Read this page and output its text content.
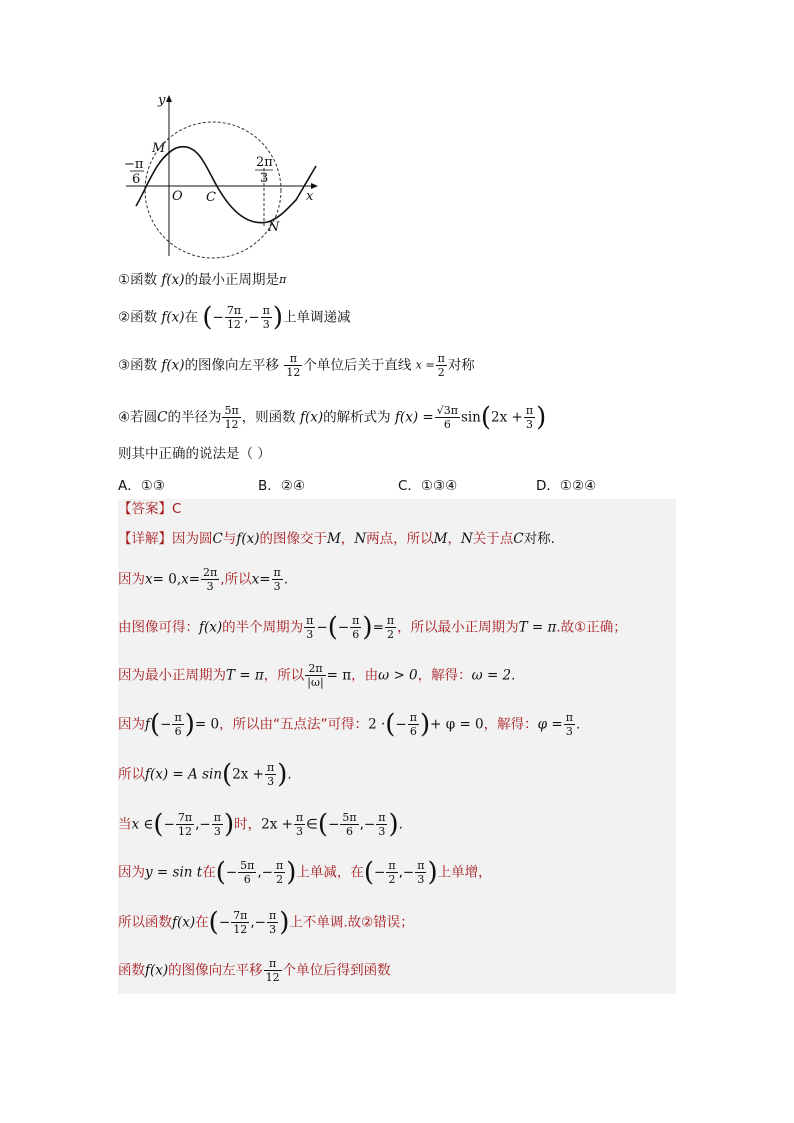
y
x
M
O C
N
−π
6
2π
3
①函数 f(x)的最小正周期是$^\pi$
②函数 f(x)在 (− $\frac{7\pi}{12}$ ,− $\frac{\pi}{3}$ )上单调递减
③函数 f(x)的图像向左平移 $\frac{\pi}{12}$ 个单位后关于直线 $x = \frac{\pi}{2}$ 对称
④若圆C的半径为 $\frac{5\pi}{12}$ ，则函数 f(x)的解析式为 $f(x) = \frac{√3\pi}{6} \sin(2x + \frac{\pi}{3}$ )
则其中正确的说法是（ ）
A．①③	B．②④	C．①③④	D．①②④
【答案】C
【详解】因为圆C与f(x)的图像交于M，N两点，所以M，N关于点C对称.
因为$x= 0,x= \frac{2\pi}{3}$ ,所以$x= \frac{\pi}{3}$ .
由图像可得：f(x)的半个周期为 $\frac{\pi}{3}$ −(− $\frac{\pi}{6}$ )= $\frac{\pi}{2}$ ，所以最小正周期为T = π.故①正确；
因为最小正周期为T = π，所以 $\frac{2\pi}{|\omega|} = \pi$，由ω > 0，解得：ω = 2.
因为$f(- \frac{\pi}{6}$ )= 0，所以由“五点法”可得：2 ·(− $\frac{\pi}{6}$ )+ φ = 0，解得：$\varphi = \frac{\pi}{3}$ .
所以f(x) = A $\sin(2x + \frac{\pi}{3}$ ).
当x ∈(− $\frac{7\pi}{12}$ ,− $\frac{\pi}{3}$ )时，$2x + \frac{\pi}{3}$ ∈(− $\frac{5\pi}{6}$ ,− $\frac{\pi}{3}$ ).
因为y = sin t在(− $\frac{5\pi}{6}$ ,− $\frac{\pi}{2}$ )上单减，在(− $\frac{\pi}{2}$ ,− $\frac{\pi}{3}$ )上单增，
所以函数f(x)在(− $\frac{7\pi}{12}$ ,− $\frac{\pi}{3}$ )上不单调.故②错误；
函数f(x)的图像向左平移 $\frac{\pi}{12}$ 个单位后得到函数
